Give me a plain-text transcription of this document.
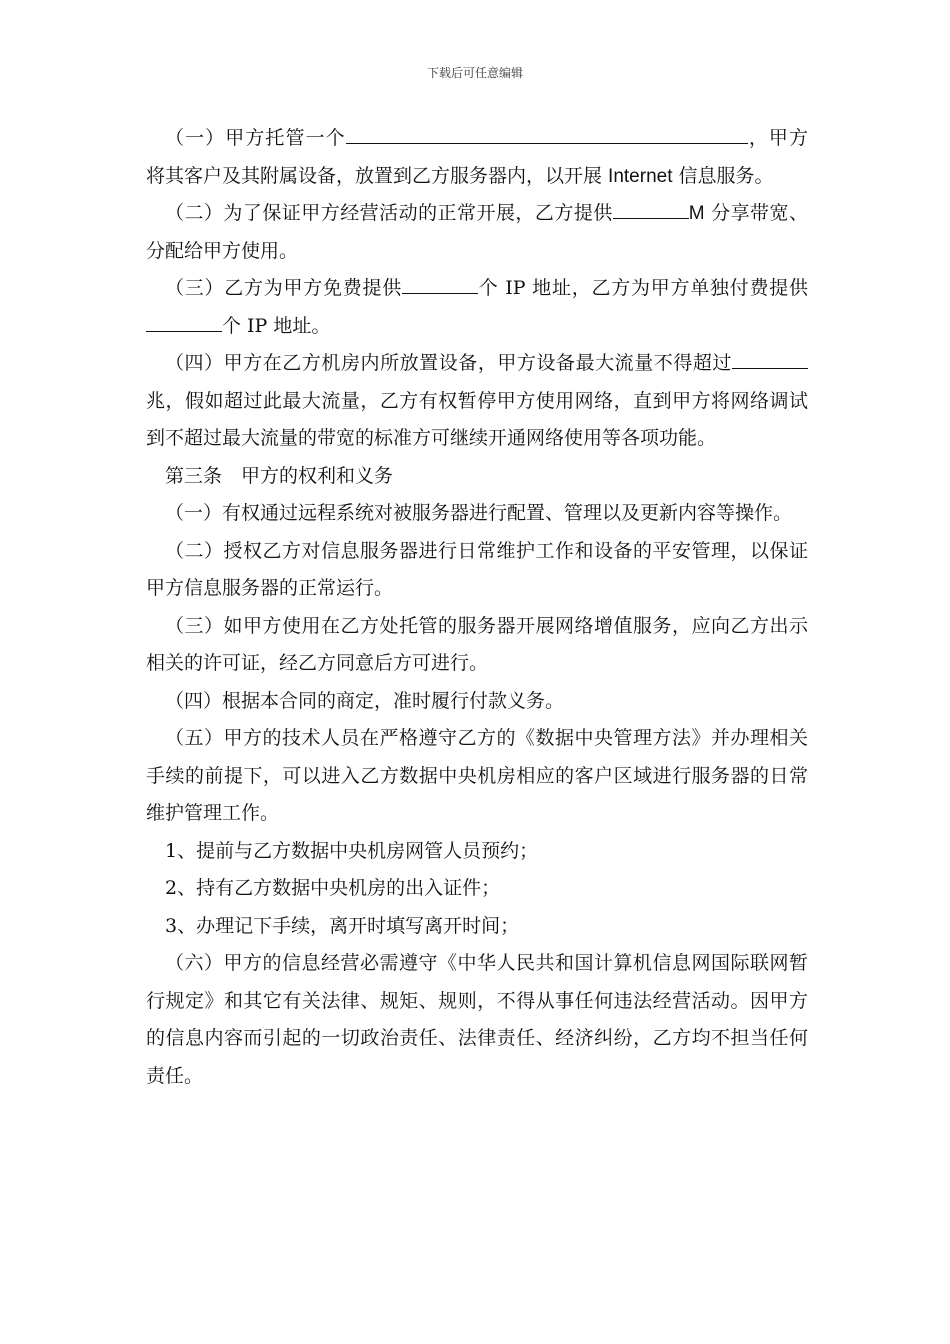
下载后可任意编辑

（一）甲方托管一个	，甲方将其客户及其附属设备，放置到乙方服务器内，以开展 Internet 信息服务。

（二）为了保证甲方经营活动的正常开展，乙方提供	M 分享带宽、分配给甲方使用。

（三）乙方为甲方免费提供	个 IP 地址，乙方为甲方单独付费提供个 IP 地址。

（四）甲方在乙方机房内所放置设备，甲方设备最大流量不得超过兆，假如超过此最大流量，乙方有权暂停甲方使用网络，直到甲方将网络调试到不超过最大流量的带宽的标准方可继续开通网络使用等各项功能。

第三条　甲方的权利和义务

（一）有权通过远程系统对被服务器进行配置、管理以及更新内容等操作。

（二）授权乙方对信息服务器进行日常维护工作和设备的平安管理，以保证甲方信息服务器的正常运行。

（三）如甲方使用在乙方处托管的服务器开展网络增值服务，应向乙方出示相关的许可证，经乙方同意后方可进行。

（四）根据本合同的商定，准时履行付款义务。

（五）甲方的技术人员在严格遵守乙方的《数据中央管理方法》并办理相关手续的前提下，可以进入乙方数据中央机房相应的客户区域进行服务器的日常维护管理工作。

1、提前与乙方数据中央机房网管人员预约；

2、持有乙方数据中央机房的出入证件；

3、办理记下手续，离开时填写离开时间；

（六）甲方的信息经营必需遵守《中华人民共和国计算机信息网国际联网暂行规定》和其它有关法律、规矩、规则，不得从事任何违法经营活动。因甲方的信息内容而引起的一切政治责任、法律责任、经济纠纷，乙方均不担当任何责任。
